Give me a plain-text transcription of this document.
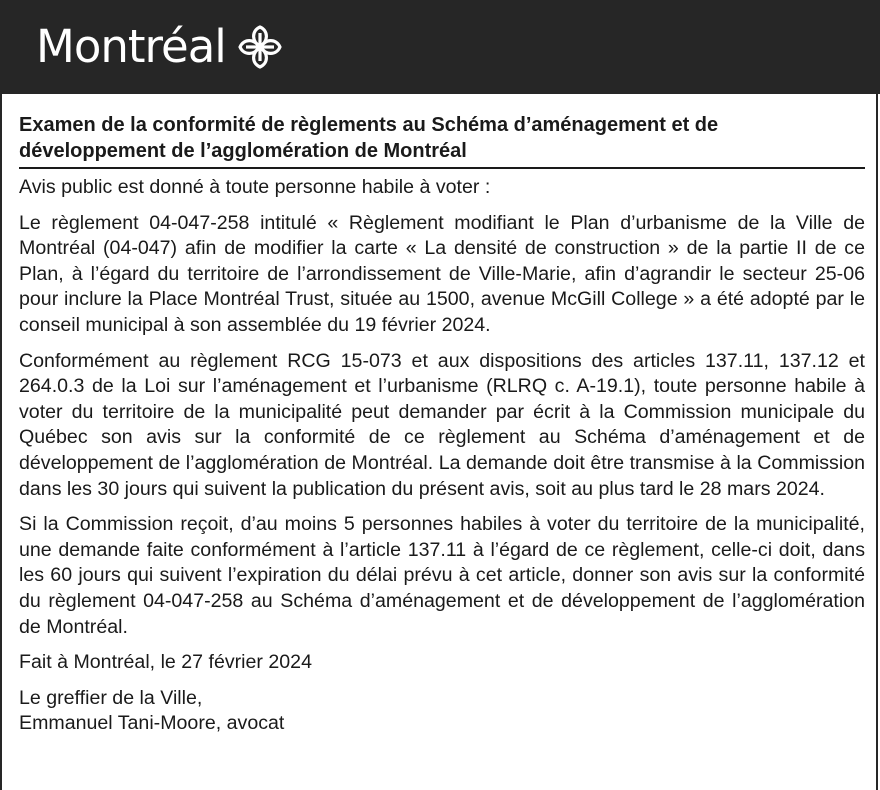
Montréal
Examen de la conformité de règlements au Schéma d’aménagement et de développement de l’agglomération de Montréal

Avis public est donné à toute personne habile à voter :

Le règlement 04-047-258 intitulé « Règlement modifiant le Plan d’urbanisme de la Ville de Montréal (04-047) afin de modifier la carte « La densité de construction » de la partie II de ce Plan, à l’égard du territoire de l’arrondissement de Ville-Marie, afin d’agrandir le secteur 25-06 pour inclure la Place Montréal Trust, située au 1500, avenue McGill College » a été adopté par le conseil municipal à son assemblée du 19 février 2024.

Conformément au règlement RCG 15-073 et aux dispositions des articles 137.11, 137.12 et 264.0.3 de la Loi sur l’aménagement et l’urbanisme (RLRQ c. A-19.1), toute personne habile à voter du territoire de la municipalité peut demander par écrit à la Commission municipale du Québec son avis sur la conformité de ce règlement au Schéma d’aménagement et de développement de l’agglomération de Montréal. La demande doit être transmise à la Commission dans les 30 jours qui suivent la publication du présent avis, soit au plus tard le 28 mars 2024.

Si la Commission reçoit, d’au moins 5 personnes habiles à voter du territoire de la municipalité, une demande faite conformément à l’article 137.11 à l’égard de ce règlement, celle-ci doit, dans les 60 jours qui suivent l’expiration du délai prévu à cet article, donner son avis sur la conformité du règlement 04-047-258 au Schéma d’aménagement et de développement de l’agglomération de Montréal.

Fait à Montréal, le 27 février 2024

Le greffier de la Ville,

Emmanuel Tani-Moore, avocat
